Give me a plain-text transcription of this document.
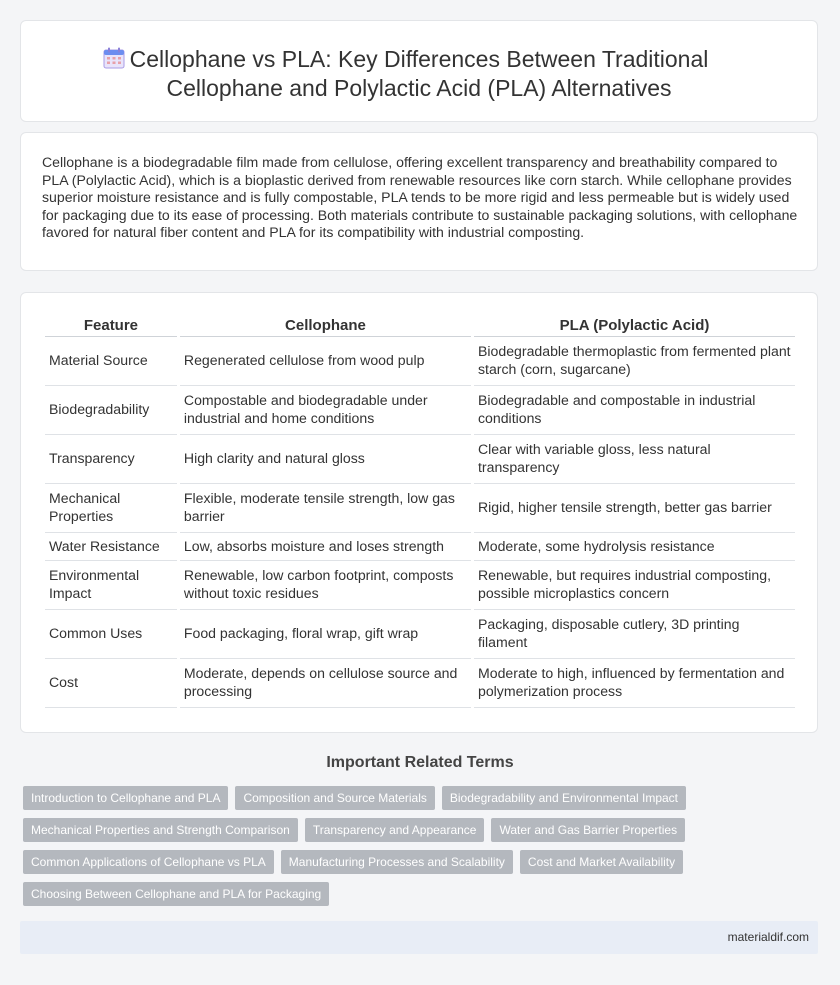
Cellophane vs PLA: Key Differences Between Traditional Cellophane and Polylactic Acid (PLA) Alternatives

Cellophane is a biodegradable film made from cellulose, offering excellent transparency and breathability compared to PLA (Polylactic Acid), which is a bioplastic derived from renewable resources like corn starch. While cellophane provides superior moisture resistance and is fully compostable, PLA tends to be more rigid and less permeable but is widely used for packaging due to its ease of processing. Both materials contribute to sustainable packaging solutions, with cellophane favored for natural fiber content and PLA for its compatibility with industrial composting.

Feature	Cellophane	PLA (Polylactic Acid)
Material Source	Regenerated cellulose from wood pulp	Biodegradable thermoplastic from fermented plant starch (corn, sugarcane)
Biodegradability	Compostable and biodegradable under industrial and home conditions	Biodegradable and compostable in industrial conditions
Transparency	High clarity and natural gloss	Clear with variable gloss, less natural transparency
Mechanical Properties	Flexible, moderate tensile strength, low gas barrier	Rigid, higher tensile strength, better gas barrier
Water Resistance	Low, absorbs moisture and loses strength	Moderate, some hydrolysis resistance
Environmental Impact	Renewable, low carbon footprint, composts without toxic residues	Renewable, but requires industrial composting, possible microplastics concern
Common Uses	Food packaging, floral wrap, gift wrap	Packaging, disposable cutlery, 3D printing filament
Cost	Moderate, depends on cellulose source and processing	Moderate to high, influenced by fermentation and polymerization process
Important Related Terms
Introduction to Cellophane and PLA	Composition and Source Materials	Biodegradability and Environmental Impact
Mechanical Properties and Strength Comparison	Transparency and Appearance	Water and Gas Barrier Properties
Common Applications of Cellophane vs PLA	Manufacturing Processes and Scalability	Cost and Market Availability
Choosing Between Cellophane and PLA for Packaging
materialdif.com
